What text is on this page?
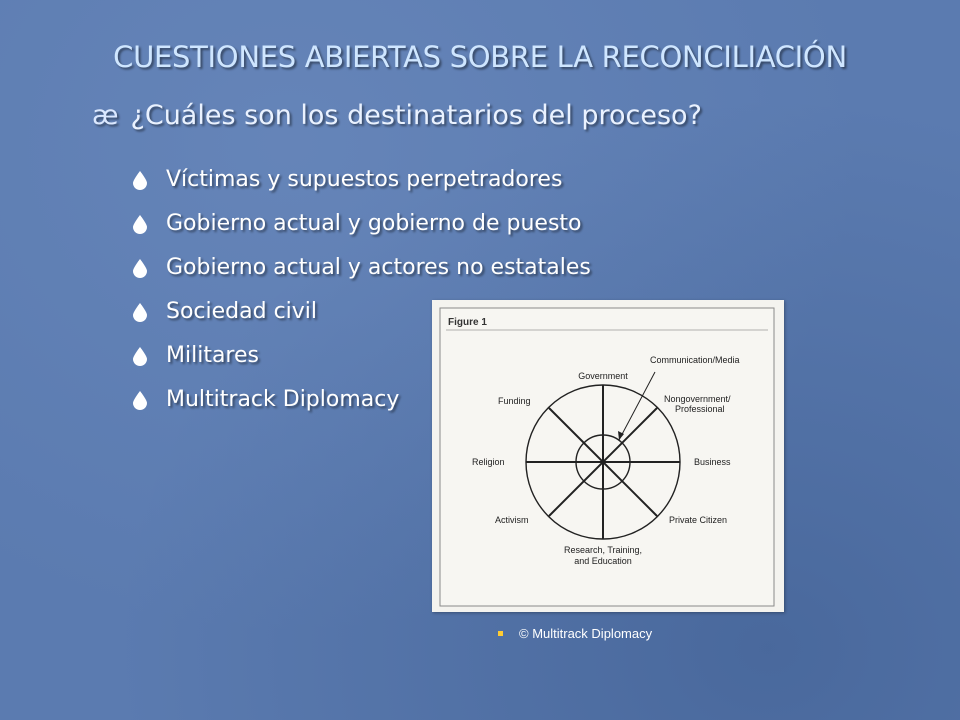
CUESTIONES ABIERTAS SOBRE LA RECONCILIACIÓN
æ ¿Cuáles son los destinatarios del proceso?
Víctimas y supuestos perpetradores
Gobierno actual y gobierno de puesto
Gobierno actual y actores no estatales
Sociedad civil
Militares
Multitrack Diplomacy
Figure 1
Government
Communication/Media
Nongovernment/
Professional
Funding
Religion	Business
Activism	Private Citizen
Research, Training,
and Education
© Multitrack Diplomacy
